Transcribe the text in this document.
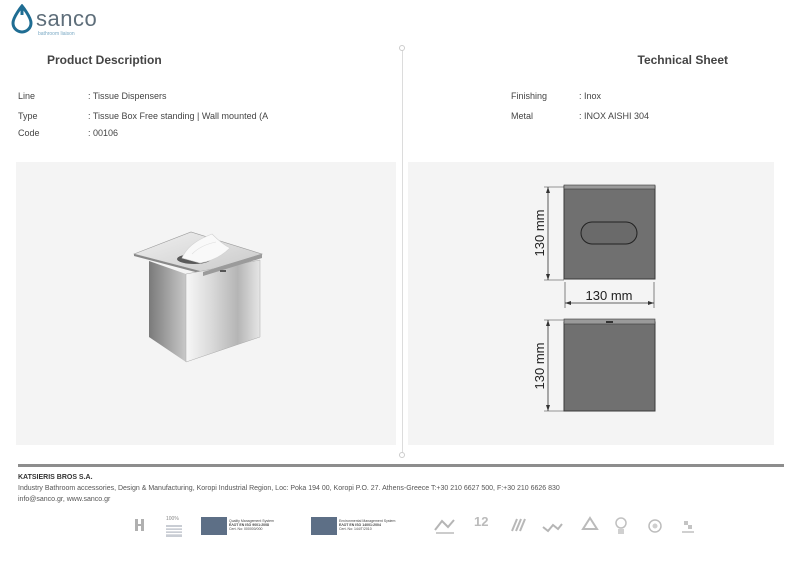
sanco
bathroom liaison
Product Description	Technical Sheet
Line	: Tissue Dispensers
Type	: Tissue Box Free standing | Wall mounted (A
Code	: 00106
Finishing	: Inox
Metal	: INOX AISHI 304
130 mm
130 mm
130 mm
KATSIERIS BROS S.A.
Industry Bathroom accessories, Design & Manufacturing, Koropi Industrial Region, Loc: Poka 194 00, Koropi P.O. 27. Athens-Greece T:+30 210 6627 500, F:+30 210 6626 830
info@sanco.gr, www.sanco.gr
100%	Quality Management System
ΕΛΟΤ EN ISO 9001:2008
Cert. No: 000000/000
Environmental Management System
ΕΛΟΤ EN ISO 14001:2004
Cert. No: 144/T/2010	12
